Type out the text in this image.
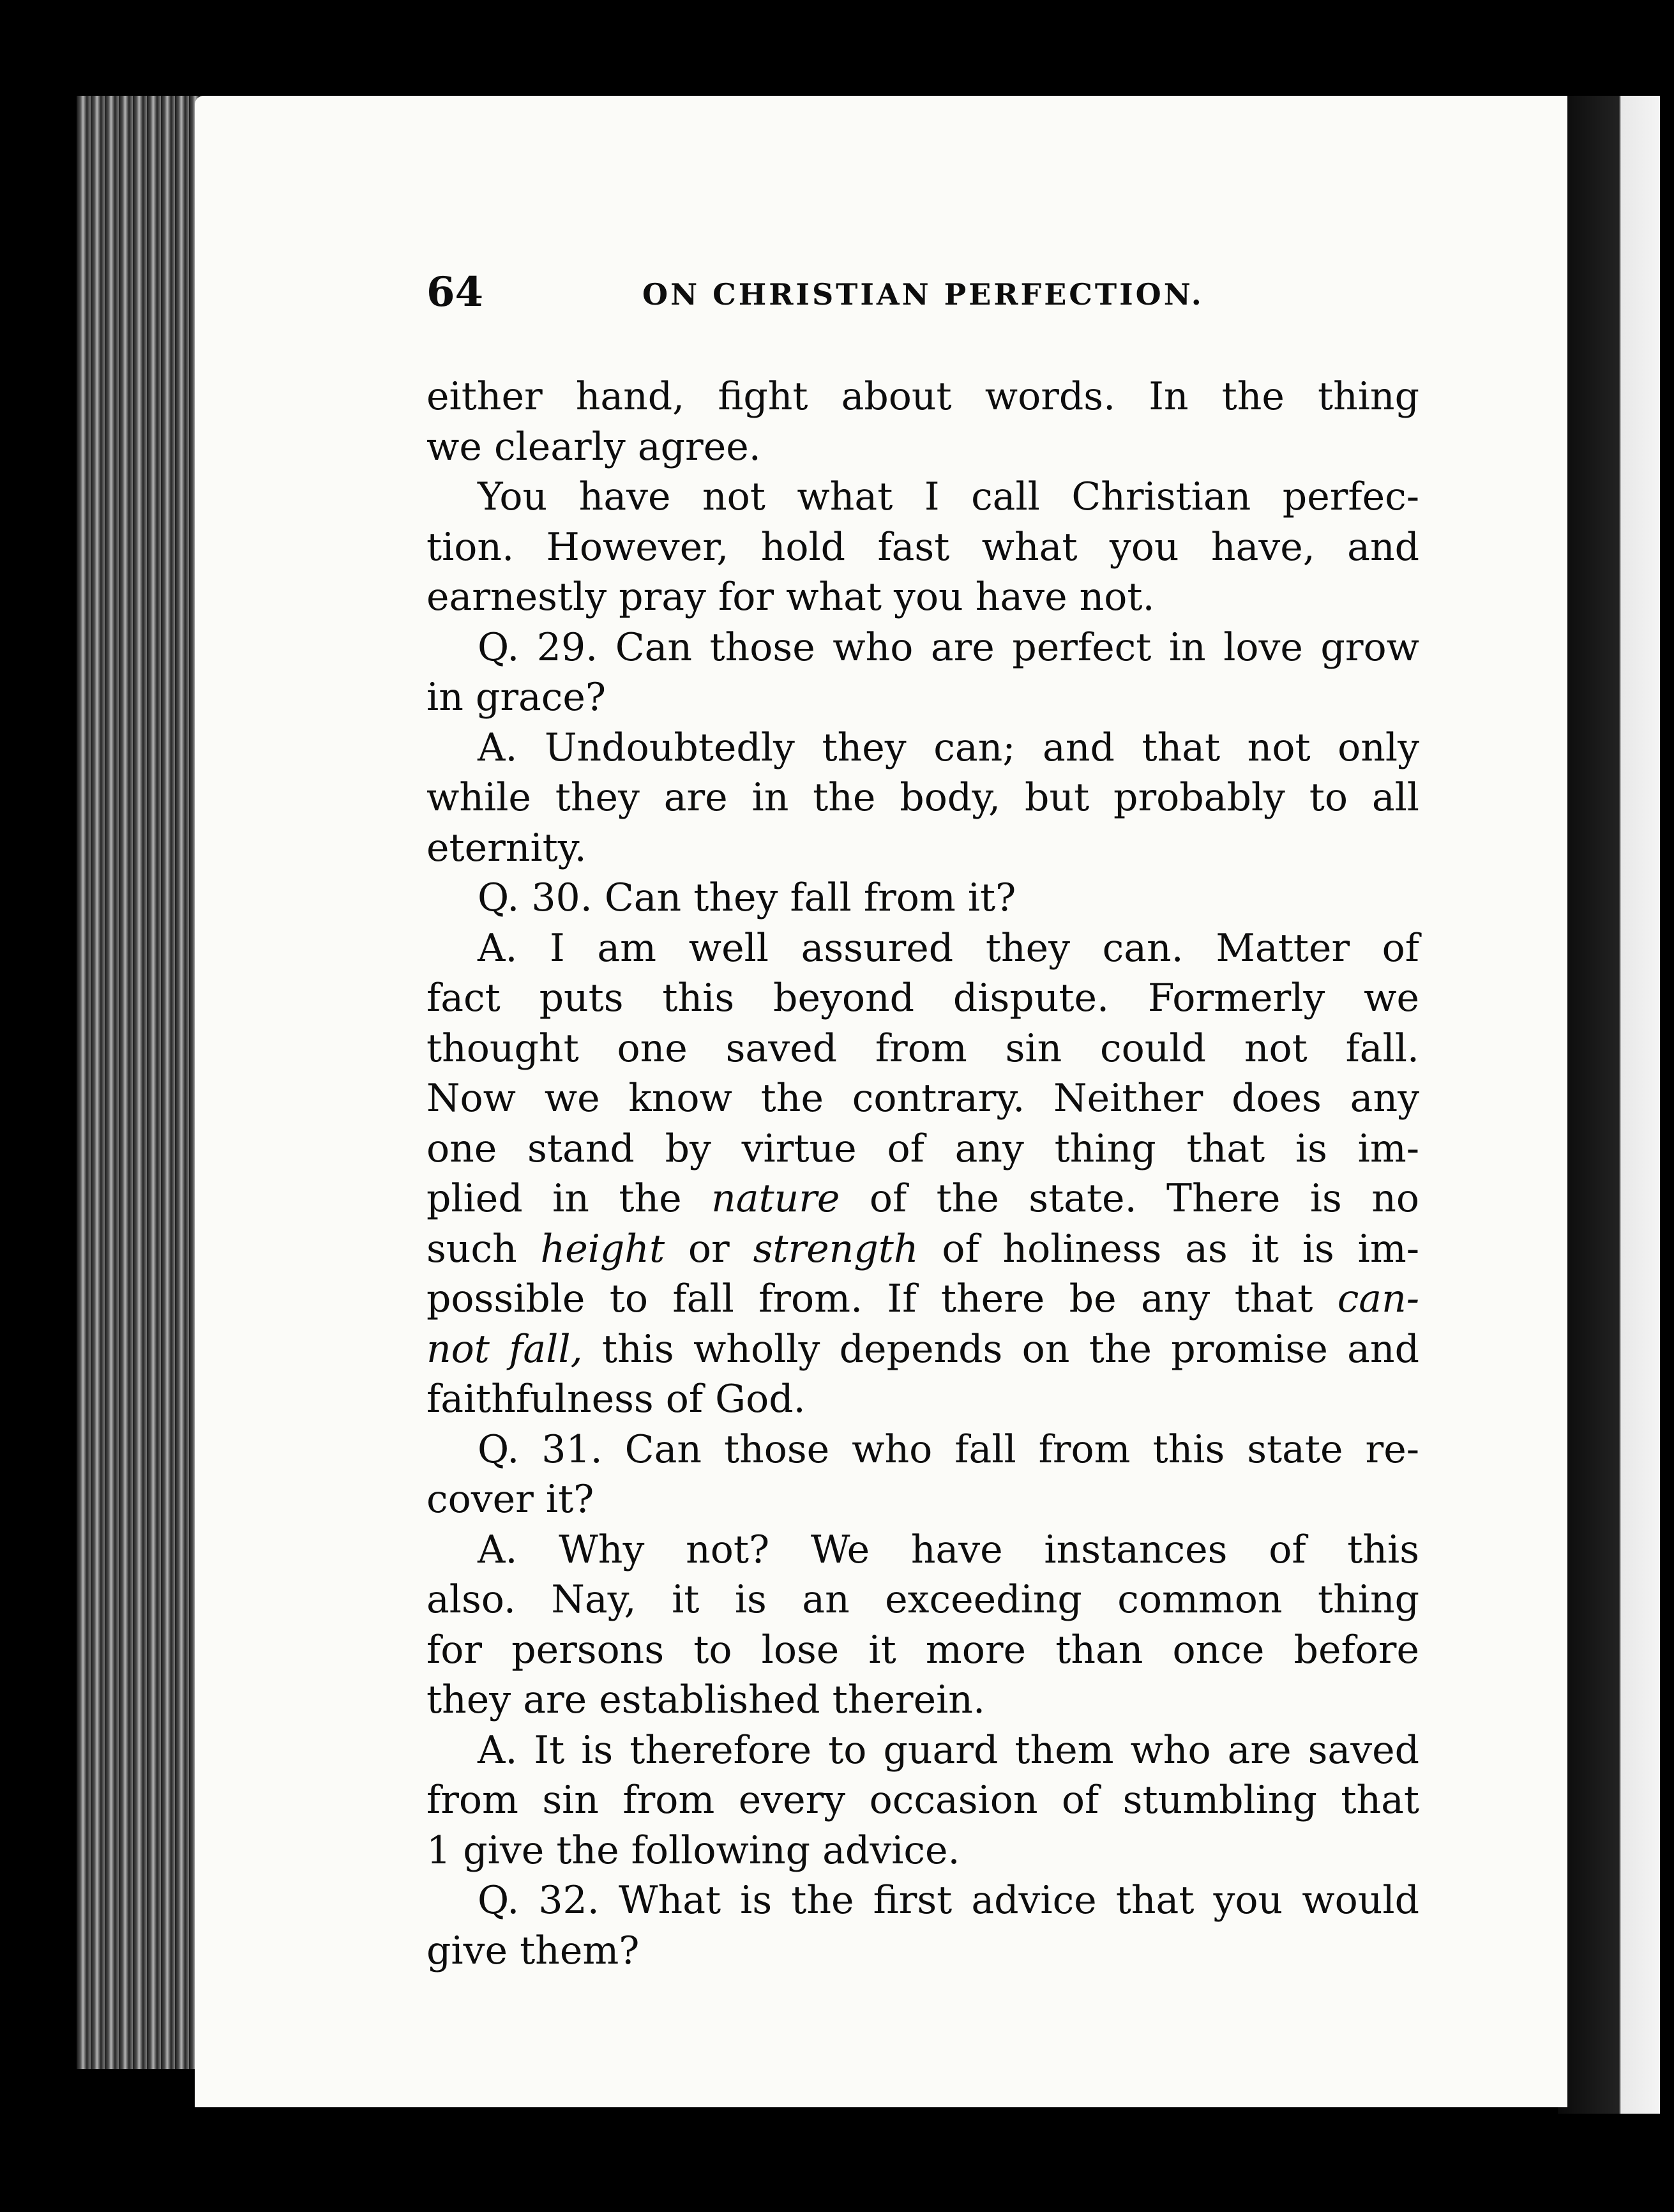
64	ON CHRISTIAN PERFECTION.

either hand, fight about words. In the thing
we clearly agree.

You have not what I call Christian perfec-
tion. However, hold fast what you have, and
earnestly pray for what you have not.

Q. 29. Can those who are perfect in love grow
in grace?

A. Undoubtedly they can; and that not only
while they are in the body, but probably to all
eternity.

Q. 30. Can they fall from it?

A. I am well assured they can. Matter of
fact puts this beyond dispute. Formerly we
thought one saved from sin could not fall.
Now we know the contrary. Neither does any
one stand by virtue of any thing that is im-
plied in the nature of the state. There is no
such height or strength of holiness as it is im-
possible to fall from. If there be any that can-
not fall, this wholly depends on the promise and
faithfulness of God.

Q. 31. Can those who fall from this state re-
cover it?

A. Why not? We have instances of this
also. Nay, it is an exceeding common thing
for persons to lose it more than once before
they are established therein.

A. It is therefore to guard them who are saved
from sin from every occasion of stumbling that
1 give the following advice.

Q. 32. What is the first advice that you would
give them?
